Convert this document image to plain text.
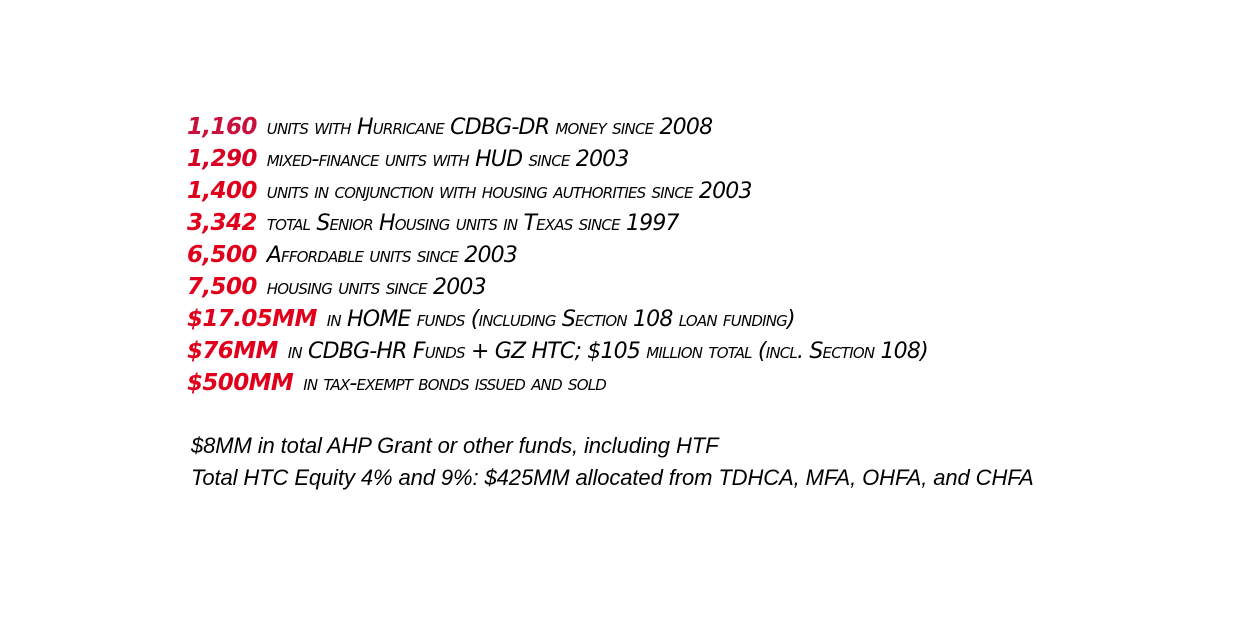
1,160 units with Hurricane CDBG-DR money since 2008
1,290 mixed-finance units with HUD since 2003
1,400 units in conjunction with housing authorities since 2003
3,342 total Senior Housing units in Texas since 1997
6,500 Affordable units since 2003
7,500 housing units since 2003
$17.05MM in HOME funds (including Section 108 loan funding)
$76MM in CDBG-HR Funds + GZ HTC; $105 million total (incl. Section 108)
$500MM in tax-exempt bonds issued and sold
$8MM in total AHP Grant or other funds, including HTF
Total HTC Equity 4% and 9%: $425MM allocated from TDHCA, MFA, OHFA, and CHFA
